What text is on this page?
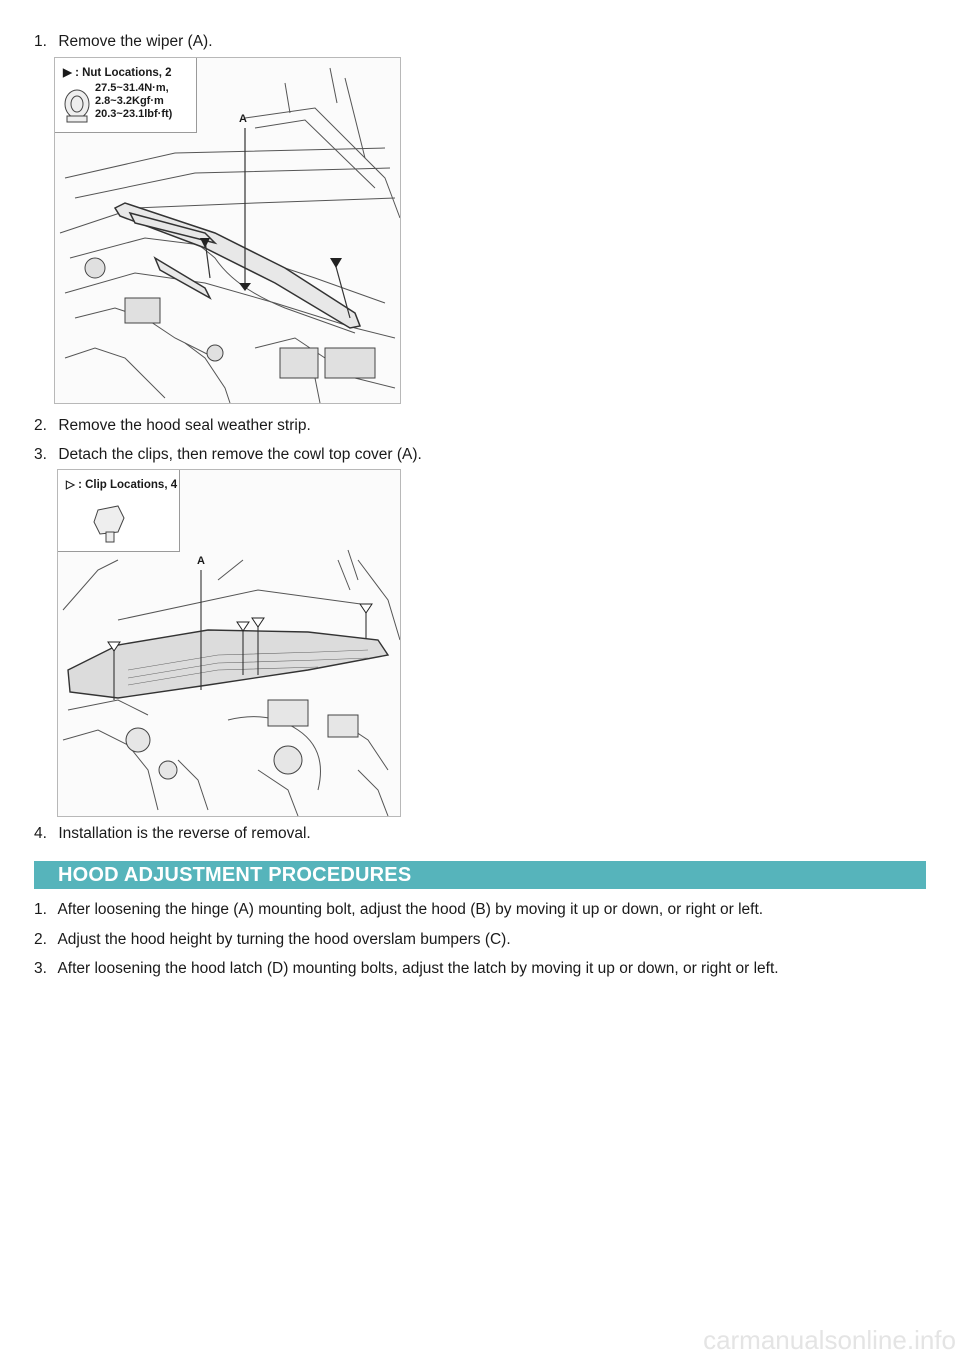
1. Remove the wiper (A).
▶ : Nut Locations, 2
27.5~31.4N·m,
2.8~3.2Kgf·m
20.3~23.1lbf·ft)	A
2. Remove the hood seal weather strip.
3. Detach the clips, then remove the cowl top cover (A).
▷ : Clip Locations, 4
A
4. Installation is the reverse of removal.
HOOD ADJUSTMENT PROCEDURES
1. After loosening the hinge (A) mounting bolt, adjust the hood (B) by moving it up or down, or right or left.
2. Adjust the hood height by turning the hood overslam bumpers (C).
3. After loosening the hood latch (D) mounting bolts, adjust the latch by moving it up or down, or right or left.
carmanualsonline.info
